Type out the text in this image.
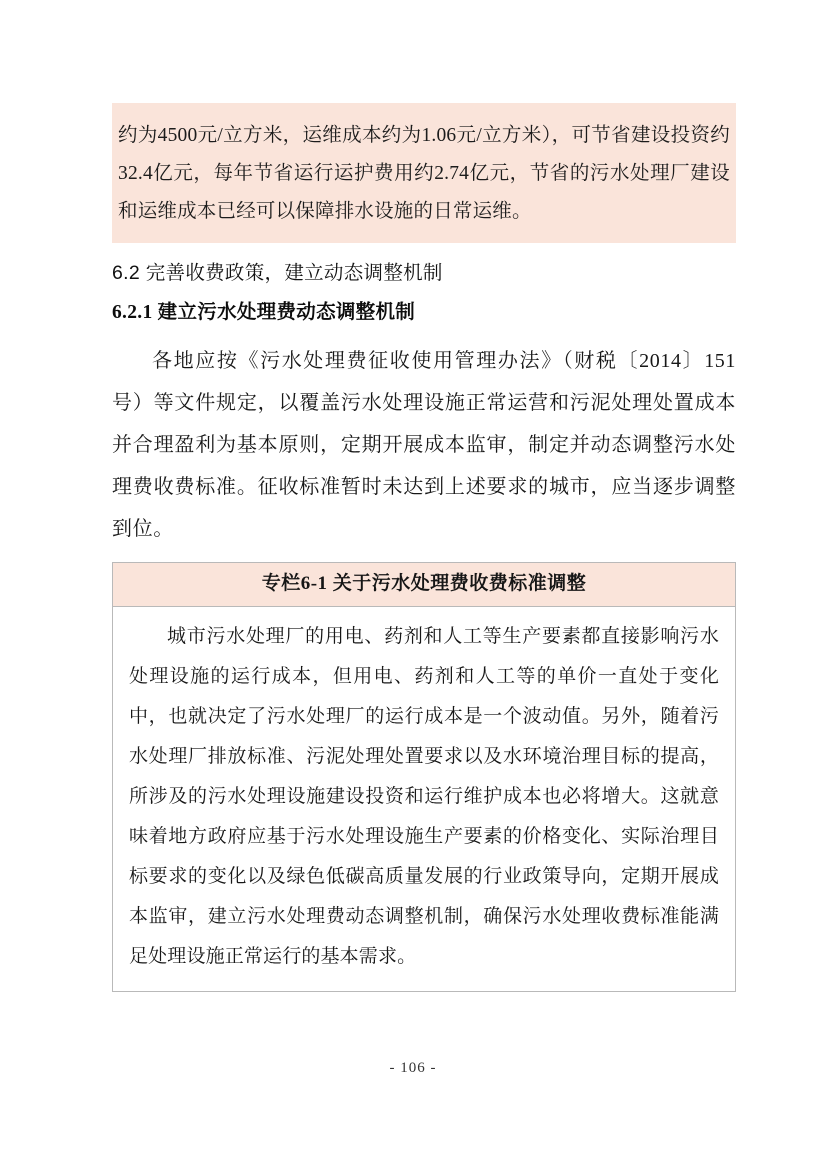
约为4500元/立方米，运维成本约为1.06元/立方米），可节省建设投资约32.4亿元，每年节省运行运护费用约2.74亿元，节省的污水处理厂建设和运维成本已经可以保障排水设施的日常运维。

6.2 完善收费政策，建立动态调整机制
6.2.1 建立污水处理费动态调整机制

各地应按《污水处理费征收使用管理办法》（财税〔2014〕151号）等文件规定，以覆盖污水处理设施正常运营和污泥处理处置成本并合理盈利为基本原则，定期开展成本监审，制定并动态调整污水处理费收费标准。征收标准暂时未达到上述要求的城市，应当逐步调整到位。

专栏6-1 关于污水处理费收费标准调整

城市污水处理厂的用电、药剂和人工等生产要素都直接影响污水处理设施的运行成本，但用电、药剂和人工等的单价一直处于变化中，也就决定了污水处理厂的运行成本是一个波动值。另外，随着污水处理厂排放标准、污泥处理处置要求以及水环境治理目标的提高，所涉及的污水处理设施建设投资和运行维护成本也必将增大。这就意味着地方政府应基于污水处理设施生产要素的价格变化、实际治理目标要求的变化以及绿色低碳高质量发展的行业政策导向，定期开展成本监审，建立污水处理费动态调整机制，确保污水处理收费标准能满足处理设施正常运行的基本需求。

- 106 -
